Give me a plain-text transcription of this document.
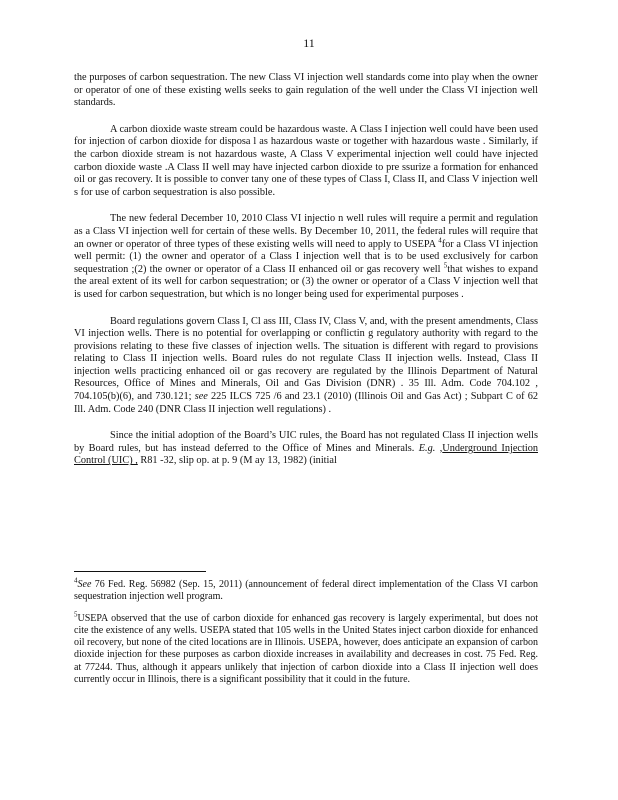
11

the purposes of carbon sequestration. The new Class VI injection well standards come into play when the owner or operator of one of these existing wells seeks to gain regulation of the well under the Class VI injection well standards.

A carbon dioxide waste stream could be hazardous waste. A Class I injection well could have been used for injection of carbon dioxide for disposa l as hazardous waste or together with hazardous waste . Similarly, if the carbon dioxide stream is not hazardous waste, A Class V experimental injection well could have injected carbon dioxide waste .A Class II well may have injected carbon dioxide to pre ssurize a formation for enhanced oil or gas recovery. It is possible to conver tany one of these types of Class I, Class II, and Class V injection well s for use of carbon sequestration is also possible.

The new federal December 10, 2010 Class VI injectio n well rules will require a permit and regulation as a Class VI injection well for certain of these wells. By December 10, 2011, the federal rules will require that an owner or operator of three types of these existing wells will need to apply to USEPA $^4$for a Class VI injection well permit: (1) the owner and operator of a Class I injection well that is to be used exclusively for carbon sequestration ;(2) the owner or operator of a Class II enhanced oil or gas recovery well $^5$that wishes to expand the areal extent of its well for carbon sequestration; or (3) the owner or operator of a Class V injection well that is used for carbon sequestration, but which is no longer being used for experimental purposes .

Board regulations govern Class I, Cl ass III, Class IV, Class V, and, with the present amendments, Class VI injection wells. There is no potential for overlapping or conflictin g regulatory authority with regard to the provisions relating to these five classes of injection wells. The situation is different with regard to provisions relating to Class II injection wells. Board rules do not regulate Class II injection wells. Instead, Class II injection wells practicing enhanced oil or gas recovery are regulated by the Illinois Department of Natural Resources, Office of Mines and Minerals, Oil and Gas Division (DNR) . 35 Ill. Adm. Code 704.102 , 704.105(b)(6), and 730.121; see 225 ILCS 725 /6 and 23.1 (2010) (Illinois Oil and Gas Act) ; Subpart C of 62 Ill. Adm. Code 240 (DNR Class II injection well regulations) .

Since the initial adoption of the Board’s UIC rules, the Board has not regulated Class II injection wells by Board rules, but has instead deferred to the Office of Mines and Minerals. E.g. ,Underground Injection Control (UIC) , R81 -32, slip op. at p. 9 (M ay 13, 1982) (initial

$^4$See 76 Fed. Reg. 56982 (Sep. 15, 2011) (announcement of federal direct implementation of the Class VI carbon sequestration injection well program.

$^5$USEPA observed that the use of carbon dioxide for enhanced gas recovery is largely experimental, but does not cite the existence of any wells. USEPA stated that 105 wells in the United States inject carbon dioxide for enhanced oil recovery, but none of the cited locations are in Illinois. USEPA, however, does anticipate an expansion of carbon dioxide injection for these purposes as carbon dioxide increases in availability and decreases in cost. 75 Fed. Reg. at 77244. Thus, although it appears unlikely that injection of carbon dioxide into a Class II injection well does currently occur in Illinois, there is a significant possibility that it could in the future.
